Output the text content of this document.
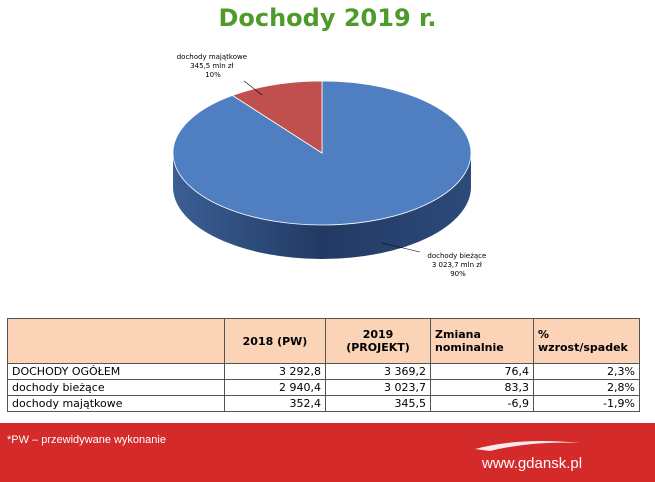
Dochody 2019 r.
dochody majątkowe 345,5 mln zł 10%
dochody bieżące 3 023,7 mln zł 90%
	2018 (PW)	2019 (PROJEKT)	Zmiana nominalnie	% wzrost/spadek
DOCHODY OGÓŁEM	3 292,8	3 369,2	76,4	2,3%
dochody bieżące	2 940,4	3 023,7	83,3	2,8%
dochody majątkowe	352,4	345,5	-6,9	-1,9%
*PW – przewidywane wykonanie
www.gdansk.pl
